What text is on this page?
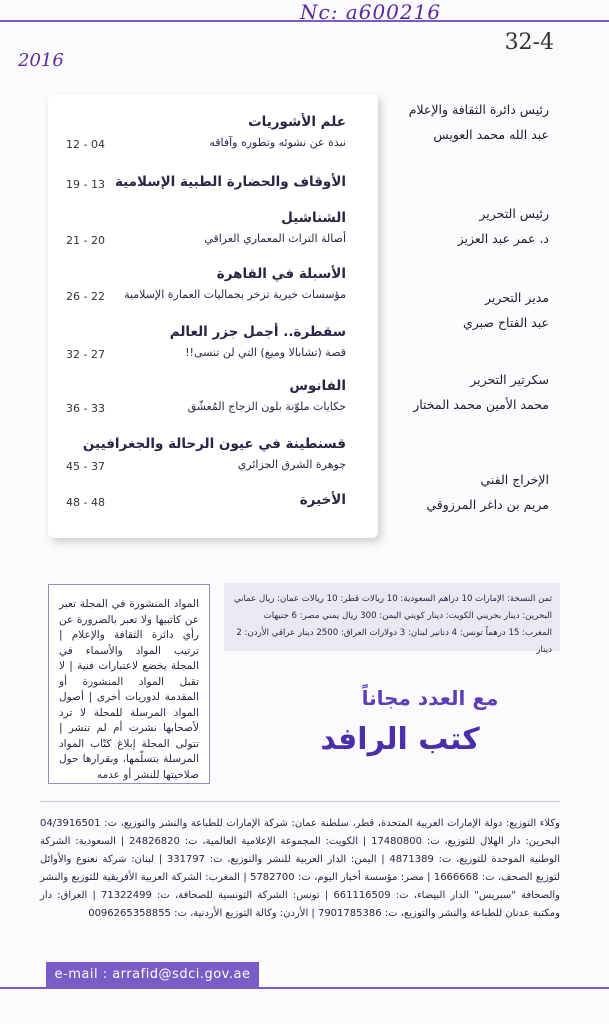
Nc: a600216
32-4
2016
رئيس دائرة الثقافة والإعلام
عبد الله محمد العويس
رئيس التحرير
د. عمر عبد العزيز
مدير التحرير
عبد الفتاح صبري
سكرتير التحرير
محمد الأمين محمد المختار
الإخراج الفني
مريم بن داغر المرزوقي
علم الأشوريات
نبذة عن نشوئه وتطوره وآفاقه
12 - 04
الأوقاف والحضارة الطبية الإسلامية
19 - 13
الشناشيل
أصالة التراث المعماري العراقي
21 - 20
الأسبلة في القاهرة
مؤسسات خيرية تزخر بجماليات العمارة الإسلامية
26 - 22
سقطرة.. أجمل جزر العالم
قصة (تشابالا وميغ) التي لن تنسى!!
32 - 27
الفانوس
حكايات ملوّنة بلون الزجاج المُعشّق
36 - 33
قسنطينة في عيون الرحالة والجغرافيين
جوهرة الشرق الجزائري
45 - 37
الأخيرة
48 - 48

المواد المنشورة في المجلة تعبر عن كاتبيها ولا تعبر بالضرورة عن رأي دائرة الثقافة والإعلام | ترتيب المواد والأسماء في المجلة يخضع لاعتبارات فنية | لا تقبل المواد المنشورة أو المقدمة لدوريات أخرى | أصول المواد المرسلة للمجلة لا ترد لأصحابها نشرت أم لم تنشر | تتولى المجلة إبلاغ كتّاب المواد المرسلة بتسلّمها، وبقرارها حول صلاحيتها للنشر أو عدمه

ثمن النسخة: الإمارات 10 دراهم السعودية: 10 ريالات قطر: 10 ريالات عمان: ريال عماني البحرين: دينار بحريني الكويت: دينار كويتي اليمن: 300 ريال يمني مصر: 6 جنيهات المغرب: 15 درهماً تونس: 4 دنانير لبنان: 3 دولارات العراق: 2500 دينار عراقي الأردن: 2 دينار

مع العدد مجاناً
كتب الرافد
وكلاء التوزيع: دولة الإمارات العربية المتحدة، قطر، سلطنة عمان: شركة الإمارات للطباعة والنشر والتوزيع، ت: 04/3916501 البحرين: دار الهلال للتوزيع، ت: 17480800 | الكويت: المجموعة الإعلامية العالمية، ت: 24826820 | السعودية: الشركة الوطنية الموحدة للتوزيع، ت: 4871389 | اليمن: الدار العربية للنشر والتوزيع، ت: 331797 | لبنان: شركة نعنوع والأوائل لتوزيع الصحف، ت: 1666668 | مصر: مؤسسة أخبار اليوم، ت: 5782700 | المغرب: الشركة العربية الأفريقية للتوزيع والنشر والصحافة "سبريس" الدار البيضاء، ت: 661116509 | تونس: الشركة التونسية للصحافة، ت: 71322499 | العراق: دار ومكتبة عدنان للطباعة والنشر والتوزيع، ت: 7901785386 | الأردن: وكالة التوزيع الأردنية، ت: 0096265358855
e-mail : arrafid@sdci.gov.ae
